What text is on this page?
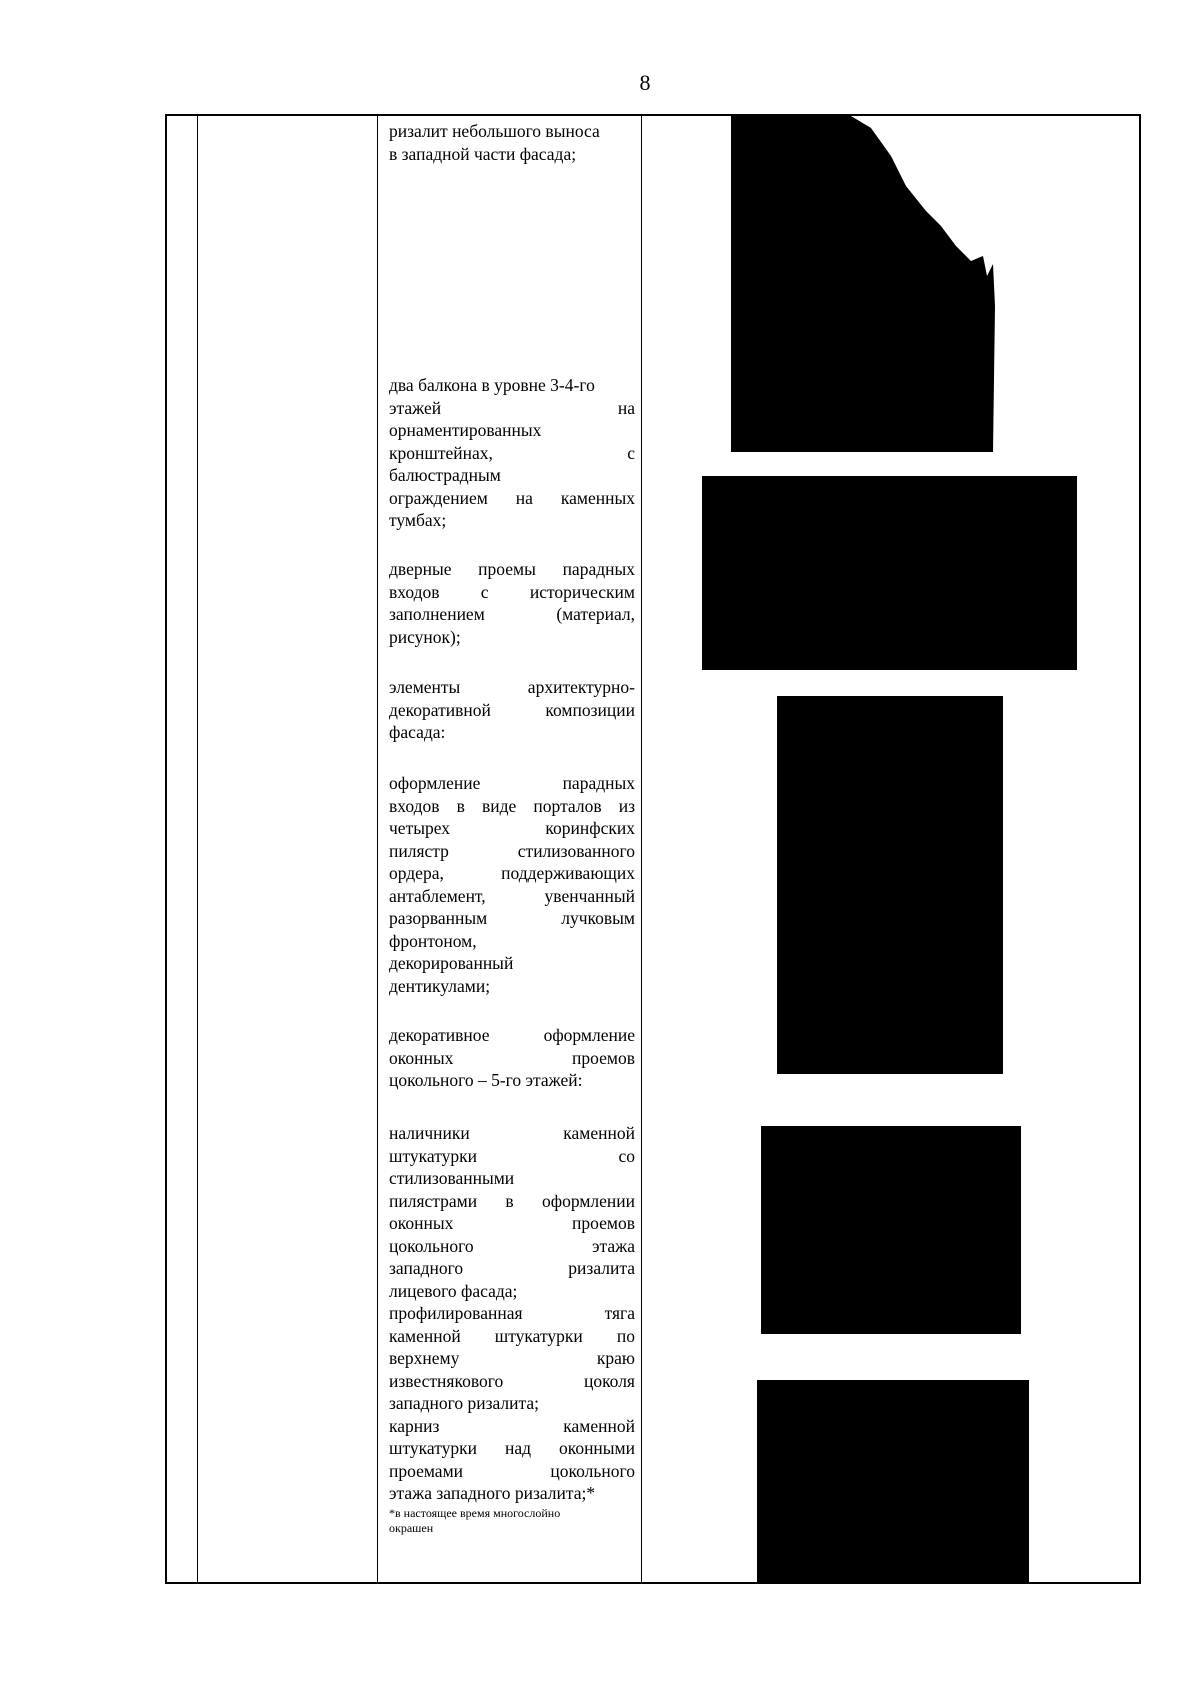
8
ризалит небольшого выноса
в западной части фасада;
два балкона в уровне 3-4-го
этажей на
орнаментированных
кронштейнах, с
балюстрадным
ограждением на каменных
тумбах;
дверные проемы парадных
входов с историческим
заполнением (материал,
рисунок);
элементы архитектурно-
декоративной композиции
фасада:
оформление парадных
входов в виде порталов из
четырех коринфских
пилястр стилизованного
ордера, поддерживающих
антаблемент, увенчанный
разорванным лучковым
фронтоном,
декорированный
дентикулами;
декоративное оформление
оконных проемов
цокольного – 5-го этажей:
наличники каменной
штукатурки со
стилизованными
пилястрами в оформлении
оконных проемов
цокольного этажа
западного ризалита
лицевого фасада;
профилированная тяга
каменной штукатурки по
верхнему краю
известнякового цоколя
западного ризалита;
карниз каменной
штукатурки над оконными
проемами цокольного
этажа западного ризалита;*
*в настоящее время многослойно
окрашен
